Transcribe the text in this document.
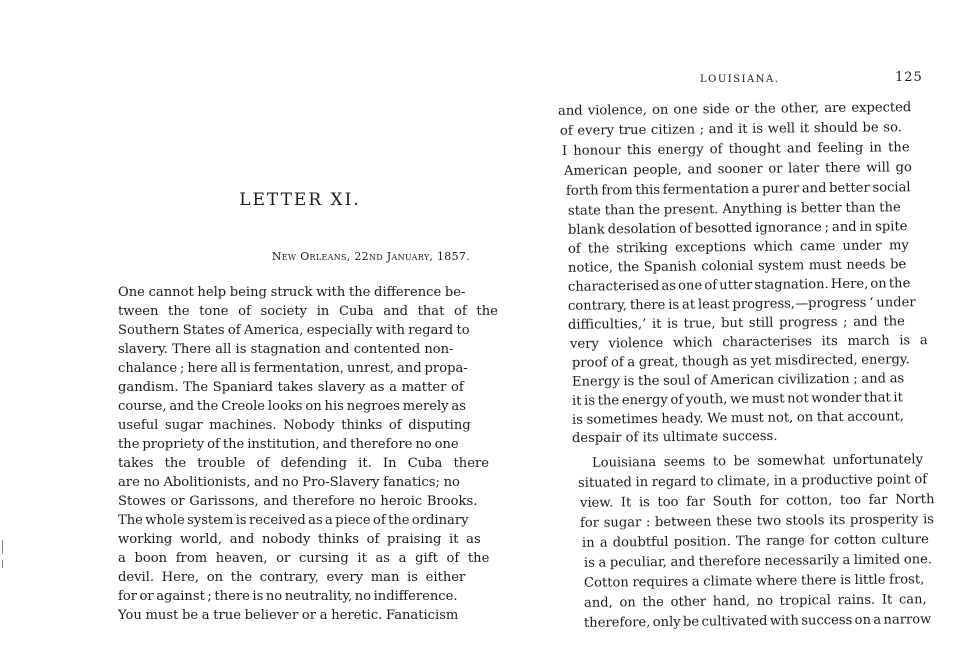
LETTER XI.
New Orleans, 22nd January, 1857.
One cannot help being struck with the difference be-
tween the tone of society in Cuba and that of the
Southern States of America, especially with regard to
slavery. There all is stagnation and contented non-
chalance ; here all is fermentation, unrest, and propa-
gandism. The Spaniard takes slavery as a matter of
course, and the Creole looks on his negroes merely as
useful sugar machines. Nobody thinks of disputing
the propriety of the institution, and therefore no one
takes the trouble of defending it. In Cuba there
are no Abolitionists, and no Pro-Slavery fanatics; no
Stowes or Garissons, and therefore no heroic Brooks.
The whole system is received as a piece of the ordinary
working world, and nobody thinks of praising it as
a boon from heaven, or cursing it as a gift of the
devil. Here, on the contrary, every man is either
for or against ; there is no neutrality, no indifference.
You must be a true believer or a heretic. Fanaticism
LOUISIANA.	125
and violence, on one side or the other, are expected
of every true citizen ; and it is well it should be so.
I honour this energy of thought and feeling in the
American people, and sooner or later there will go
forth from this fermentation a purer and better social
state than the present. Anything is better than the
blank desolation of besotted ignorance ; and in spite
of the striking exceptions which came under my
notice, the Spanish colonial system must needs be
characterised as one of utter stagnation. Here, on the
contrary, there is at least progress,—progress ‘ under
difficulties,’ it is true, but still progress ; and the
very violence which characterises its march is a
proof of a great, though as yet misdirected, energy.
Energy is the soul of American civilization ; and as
it is the energy of youth, we must not wonder that it
is sometimes heady. We must not, on that account,
despair of its ultimate success.
Louisiana seems to be somewhat unfortunately
situated in regard to climate, in a productive point of
view. It is too far South for cotton, too far North
for sugar : between these two stools its prosperity is
in a doubtful position. The range for cotton culture
is a peculiar, and therefore necessarily a limited one.
Cotton requires a climate where there is little frost,
and, on the other hand, no tropical rains. It can,
therefore, only be cultivated with success on a narrow
